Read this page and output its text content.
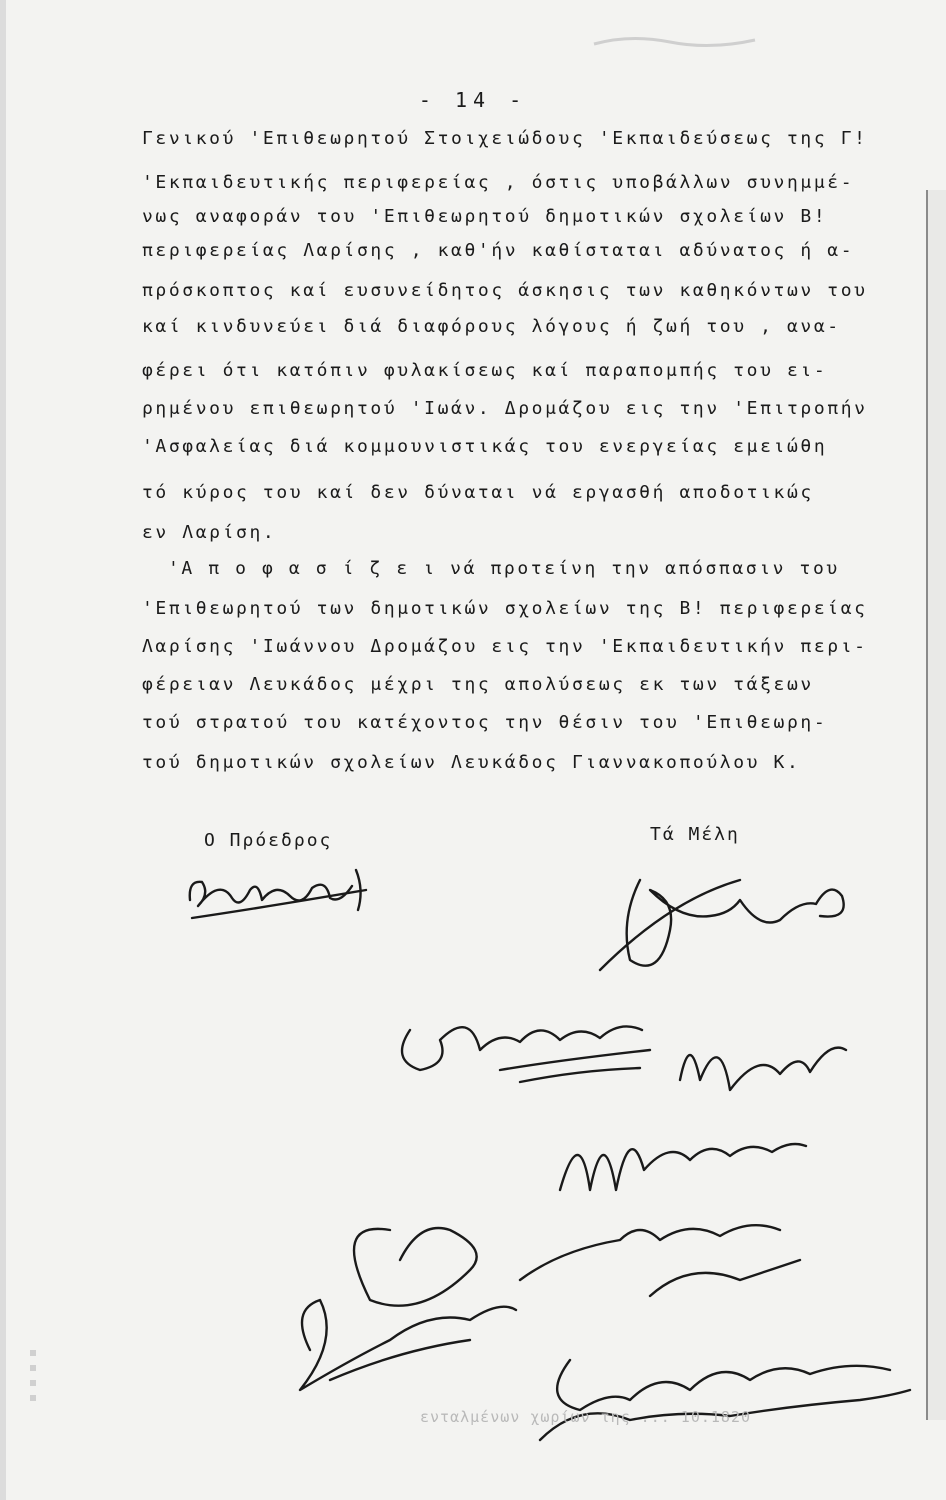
- 14 -
Γενικού 'Επιθεωρητού Στοιχειώδους 'Εκπαιδεύσεως της Γ!
'Εκπαιδευτικής περιφερείας , όστις υποβάλλων συνημμέ-
νως αναφοράν του 'Επιθεωρητού δημοτικών σχολείων Β!
περιφερείας Λαρίσης , καθ'ήν καθίσταται αδύνατος ή α-
πρόσκοπτος καί ευσυνείδητος άσκησις των καθηκόντων του
καί κινδυνεύει διά διαφόρους λόγους ή ζωή του , ανα-
φέρει ότι κατόπιν φυλακίσεως καί παραπομπής του ει-
ρημένου επιθεωρητού 'Ιωάν. Δρομάζου εις την 'Επιτροπήν
'Ασφαλείας διά κομμουνιστικάς του ενεργείας εμειώθη
τό κύρος του καί δεν δύναται νά εργασθή αποδοτικώς
εν Λαρίση.
'Α π ο φ α σ ί ζ ε ι νά προτείνη την απόσπασιν του
'Επιθεωρητού των δημοτικών σχολείων της Β! περιφερείας
Λαρίσης 'Ιωάννου Δρομάζου εις την 'Εκπαιδευτικήν περι-
φέρειαν Λευκάδος μέχρι της απολύσεως εκ των τάξεων
τού στρατού του κατέχοντος την θέσιν του 'Επιθεωρη-
τού δημοτικών σχολείων Λευκάδος Γιαννακοπούλου Κ.
Ο Πρόεδρος	Τά Μέλη
ενταλμένων χωρίων της ... 10.1820
